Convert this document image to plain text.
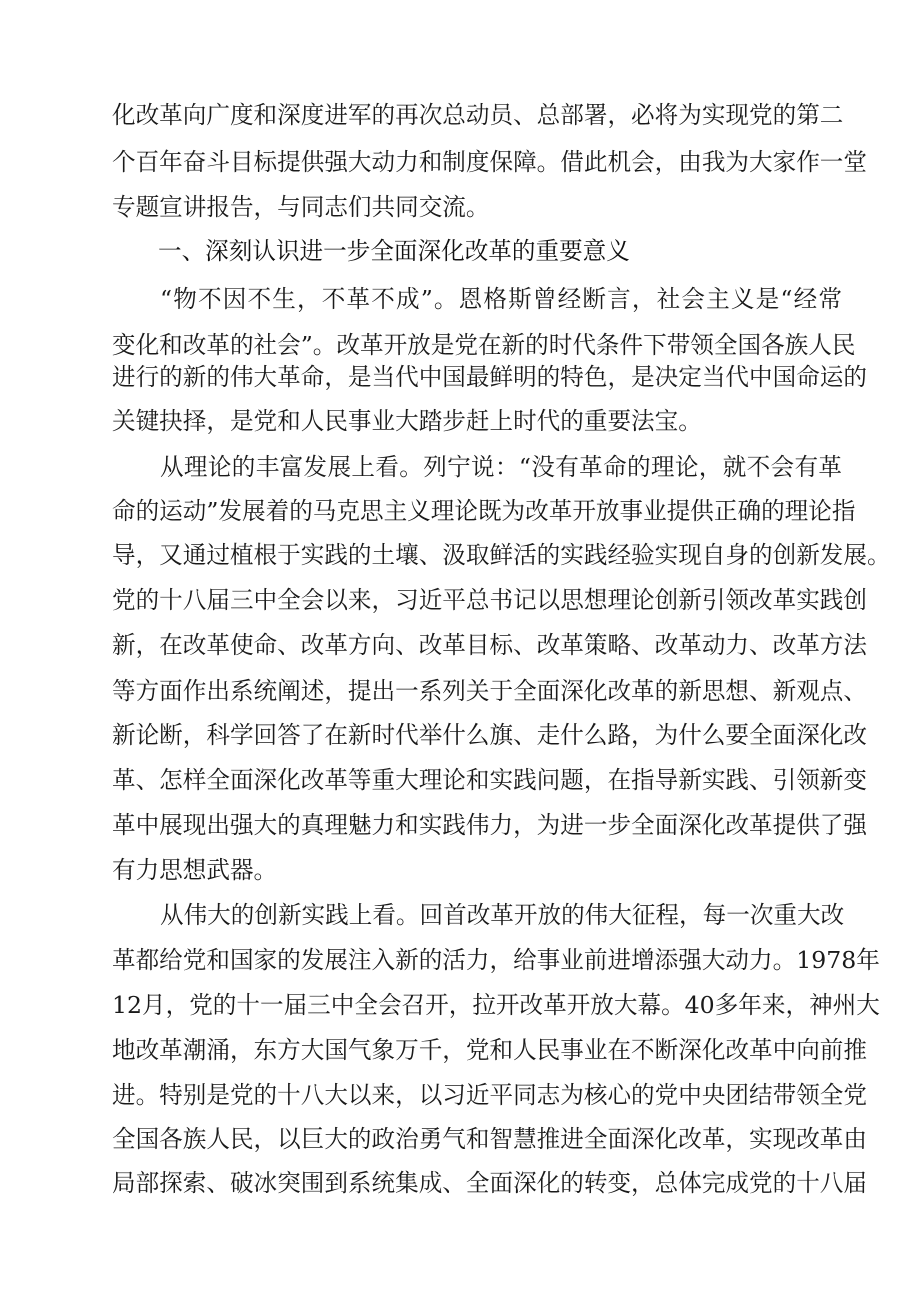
化改革向广度和深度进军的再次总动员、总部署，必将为实现党的第二
个百年奋斗目标提供强大动力和制度保障。借此机会，由我为大家作一堂
专题宣讲报告，与同志们共同交流。
一、深刻认识进一步全面深化改革的重要意义
“物不因不生，不革不成”。恩格斯曾经断言，社会主义是“经常
变化和改革的社会”。改革开放是党在新的时代条件下带领全国各族人民
进行的新的伟大革命，是当代中国最鲜明的特色，是决定当代中国命运的
关键抉择，是党和人民事业大踏步赶上时代的重要法宝。
从理论的丰富发展上看。列宁说：“没有革命的理论，就不会有革
命的运动”发展着的马克思主义理论既为改革开放事业提供正确的理论指
导，又通过植根于实践的土壤、汲取鲜活的实践经验实现自身的创新发展。
党的十八届三中全会以来，习近平总书记以思想理论创新引领改革实践创
新，在改革使命、改革方向、改革目标、改革策略、改革动力、改革方法
等方面作出系统阐述，提出一系列关于全面深化改革的新思想、新观点、
新论断，科学回答了在新时代举什么旗、走什么路，为什么要全面深化改
革、怎样全面深化改革等重大理论和实践问题，在指导新实践、引领新变
革中展现出强大的真理魅力和实践伟力，为进一步全面深化改革提供了强
有力思想武器。
从伟大的创新实践上看。回首改革开放的伟大征程，每一次重大改
革都给党和国家的发展注入新的活力，给事业前进增添强大动力。1978年
12月，党的十一届三中全会召开，拉开改革开放大幕。40多年来，神州大
地改革潮涌，东方大国气象万千，党和人民事业在不断深化改革中向前推
进。特别是党的十八大以来，以习近平同志为核心的党中央团结带领全党
全国各族人民，以巨大的政治勇气和智慧推进全面深化改革，实现改革由
局部探索、破冰突围到系统集成、全面深化的转变，总体完成党的十八届
